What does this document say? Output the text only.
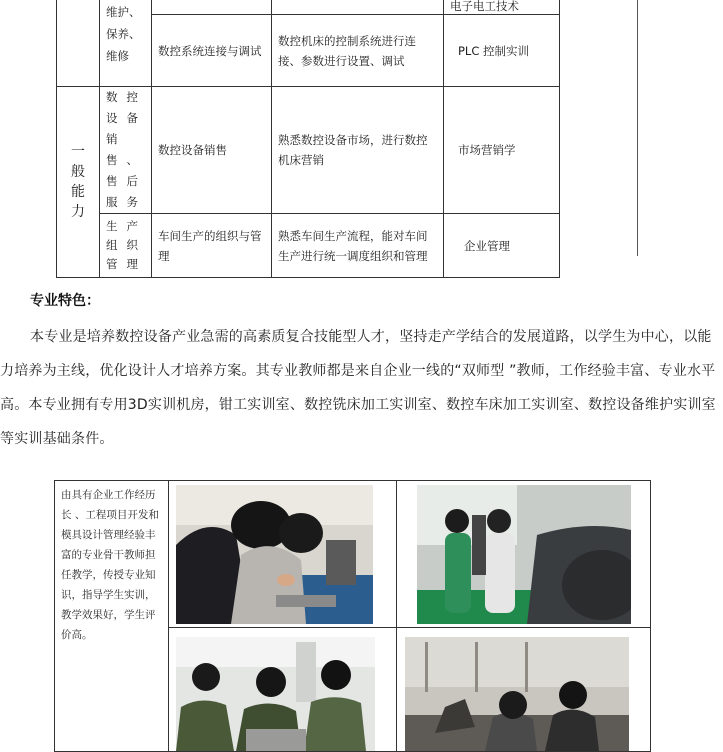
	维护、保养、维修			电子电工技术
		数控系统连接与调试	数控机床的控制系统进行连接、参数进行设置、调试	PLC 控制实训

一般能力	数控设备销售、售后服务	数控设备销售	熟悉数控设备市场，进行数控机床营销	市场营销学
	生产组织管理	车间生产的组织与管理	熟悉车间生产流程，能对车间生产进行统一调度组织和管理	企业管理
专业特色：
本专业是培养数控设备产业急需的高素质复合技能型人才，坚持走产学结合的发展道路，以学生为中心，以能力培养为主线，优化设计人才培养方案。其专业教师都是来自企业一线的“双师型 ”教师，工作经验丰富、专业水平高。本专业拥有专用3D实训机房，钳工实训室、数控铣床加工实训室、数控车床加工实训室、数控设备维护实训室等实训基础条件。
由具有企业工作经历长 、工程项目开发和模具设计管理经验丰富的专业骨干教师担任教学，传授专业知识，指导学生实训，教学效果好，学生评价高。
